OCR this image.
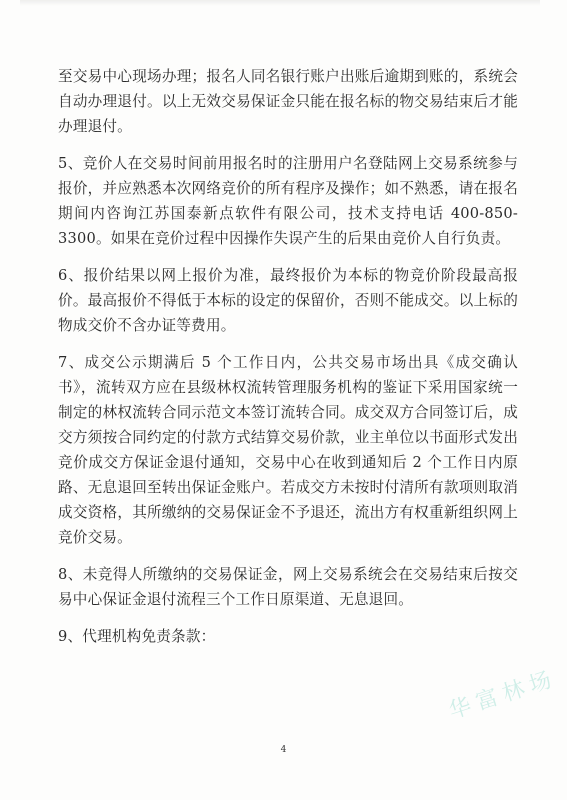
至交易中心现场办理；报名人同名银行账户出账后逾期到账的，系统会自动办理退付。以上无效交易保证金只能在报名标的物交易结束后才能办理退付。

5、竞价人在交易时间前用报名时的注册用户名登陆网上交易系统参与报价，并应熟悉本次网络竞价的所有程序及操作；如不熟悉，请在报名期间内咨询江苏国泰新点软件有限公司，技术支持电话 400-850-3300。如果在竞价过程中因操作失误产生的后果由竞价人自行负责。

6、报价结果以网上报价为准，最终报价为本标的物竞价阶段最高报价。最高报价不得低于本标的设定的保留价，否则不能成交。以上标的物成交价不含办证等费用。

7、成交公示期满后 5 个工作日内，公共交易市场出具《成交确认书》，流转双方应在县级林权流转管理服务机构的鉴证下采用国家统一制定的林权流转合同示范文本签订流转合同。成交双方合同签订后，成交方须按合同约定的付款方式结算交易价款，业主单位以书面形式发出竞价成交方保证金退付通知，交易中心在收到通知后 2 个工作日内原路、无息退回至转出保证金账户。若成交方未按时付清所有款项则取消成交资格，其所缴纳的交易保证金不予退还，流出方有权重新组织网上竞价交易。

8、未竞得人所缴纳的交易保证金，网上交易系统会在交易结束后按交易中心保证金退付流程三个工作日原渠道、无息退回。

9、代理机构免责条款：

华富林场
4
